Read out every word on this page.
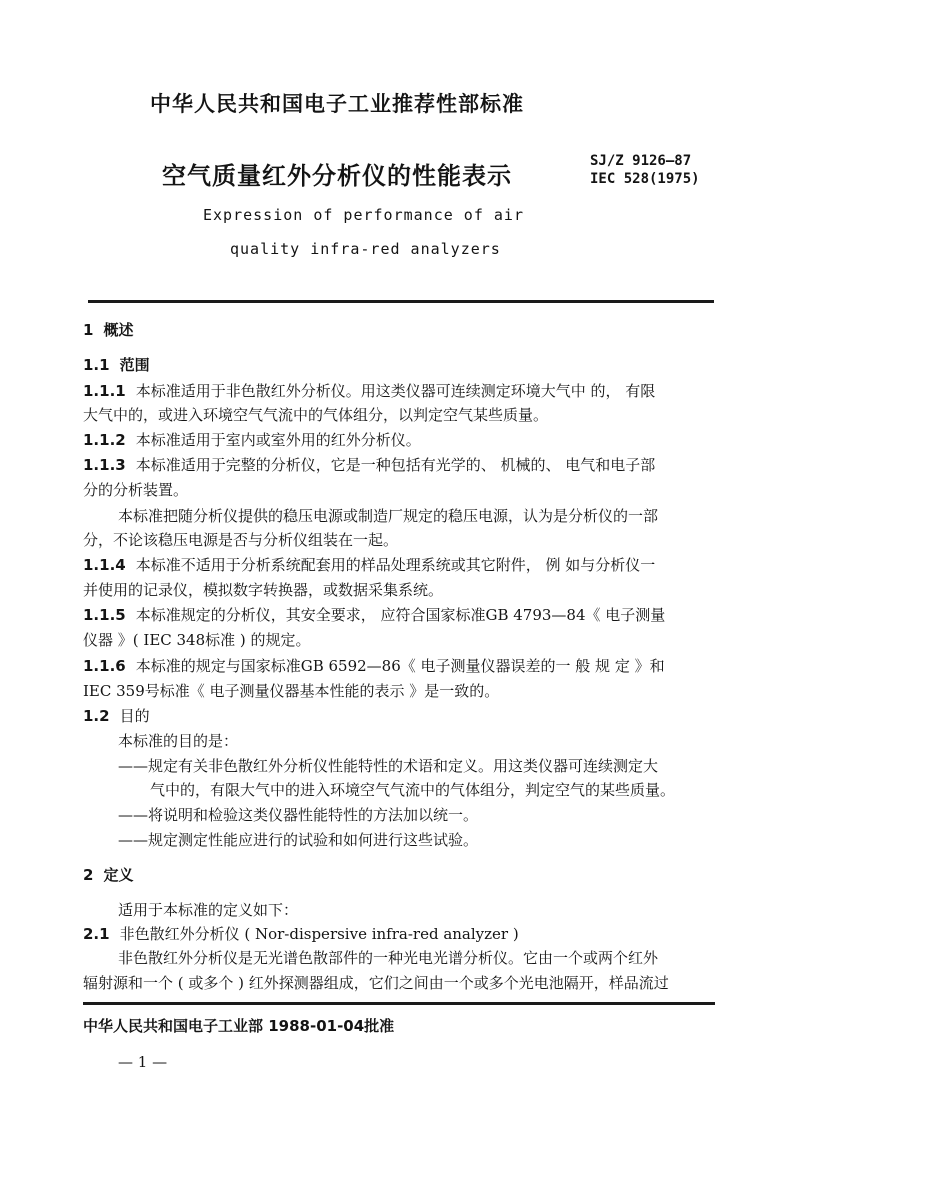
中华人民共和国电子工业推荐性部标准
空气质量红外分析仪的性能表示
SJ/Z 9126—87
IEC 528(1975)
Expression of performance of air
quality infra-red analyzers
1 概述
1.1 范围
1.1.1 本标准适用于非色散红外分析仪。用这类仪器可连续测定环境大气中 的， 有限
大气中的，或进入环境空气气流中的气体组分，以判定空气某些质量。
1.1.2 本标准适用于室内或室外用的红外分析仪。
1.1.3 本标准适用于完整的分析仪，它是一种包括有光学的、 机械的、 电气和电子部
分的分析装置。
本标准把随分析仪提供的稳压电源或制造厂规定的稳压电源，认为是分析仪的一部
分，不论该稳压电源是否与分析仪组装在一起。
1.1.4 本标准不适用于分析系统配套用的样品处理系统或其它附件， 例 如与分析仪一
并使用的记录仪，模拟数字转换器，或数据采集系统。
1.1.5 本标准规定的分析仪，其安全要求， 应符合国家标准GB 4793—84《 电子测量
仪器 》( IEC 348标准 ) 的规定。
1.1.6 本标准的规定与国家标准GB 6592—86《 电子测量仪器误差的一 般 规 定 》和
IEC 359号标准《 电子测量仪器基本性能的表示 》是一致的。
1.2 目的
本标准的目的是：
——规定有关非色散红外分析仪性能特性的术语和定义。用这类仪器可连续测定大
气中的，有限大气中的进入环境空气气流中的气体组分，判定空气的某些质量。
——将说明和检验这类仪器性能特性的方法加以统一。
——规定测定性能应进行的试验和如何进行这些试验。
2 定义
适用于本标准的定义如下：
2.1 非色散红外分析仪 ( Nor-dispersive infra-red analyzer )
非色散红外分析仪是无光谱色散部件的一种光电光谱分析仪。它由一个或两个红外
辐射源和一个 ( 或多个 ) 红外探测器组成，它们之间由一个或多个光电池隔开，样品流过
中华人民共和国电子工业部 1988-01-04批准
— 1 —
